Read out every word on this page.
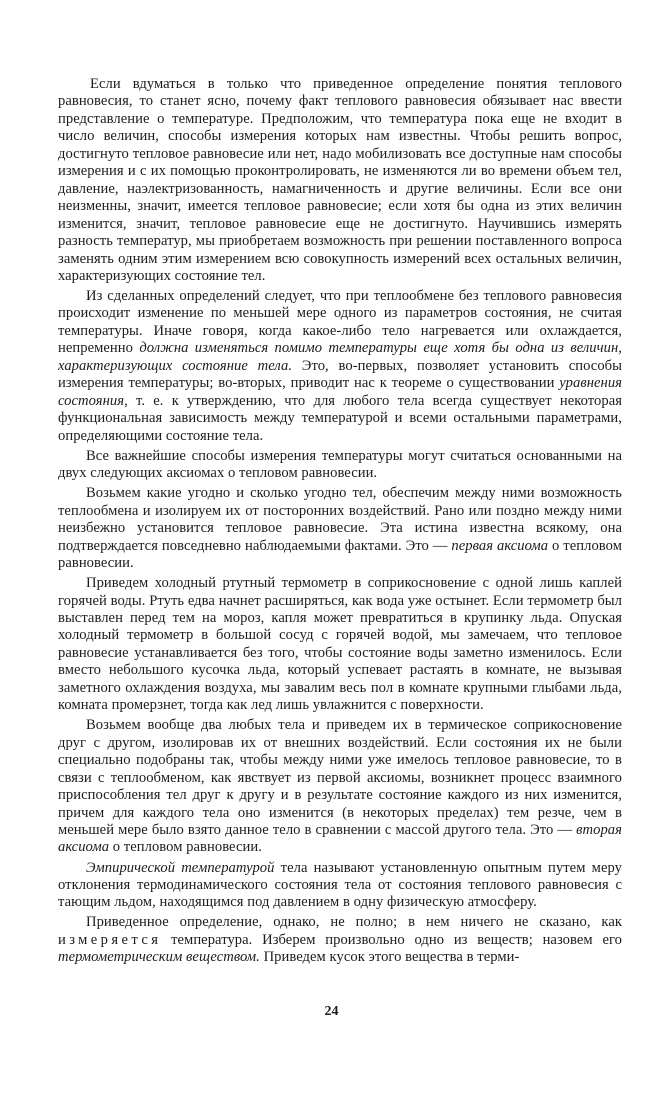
Если вдуматься в только что приведенное определение понятия теплового равновесия, то станет ясно, почему факт теплового равновесия обязывает нас ввести представление о температуре. Предположим, что температура пока еще не входит в число величин, способы измерения которых нам известны. Чтобы решить вопрос, достигнуто тепловое равновесие или нет, надо мобилизовать все доступные нам способы измерения и с их помощью проконтролировать, не изменяются ли во времени объем тел, давление, наэлектризованность, намагниченность и другие величины. Если все они неизменны, значит, имеется тепловое равновесие; если хотя бы одна из этих величин изменится, значит, тепловое равновесие еще не достигнуто. Научившись измерять разность температур, мы приобретаем возможность при решении поставленного вопроса заменять одним этим измерением всю совокупность измерений всех остальных величин, характеризующих состояние тел.

Из сделанных определений следует, что при теплообмене без теплового равновесия происходит изменение по меньшей мере одного из параметров состояния, не считая температуры. Иначе говоря, когда какое-либо тело нагревается или охлаждается, непременно должна изменяться помимо температуры еще хотя бы одна из величин, характеризующих состояние тела. Это, во-первых, позволяет установить способы измерения температуры; во-вторых, приводит нас к теореме о существовании уравнения состояния, т. е. к утверждению, что для любого тела всегда существует некоторая функциональная зависимость между температурой и всеми остальными параметрами, определяющими состояние тела.

Все важнейшие способы измерения температуры могут считаться основанными на двух следующих аксиомах о тепловом равновесии.

Возьмем какие угодно и сколько угодно тел, обеспечим между ними возможность теплообмена и изолируем их от посторонних воздействий. Рано или поздно между ними неизбежно установится тепловое равновесие. Эта истина известна всякому, она подтверждается повседневно наблюдаемыми фактами. Это — первая аксиома о тепловом равновесии.

Приведем холодный ртутный термометр в соприкосновение с одной лишь каплей горячей воды. Ртуть едва начнет расширяться, как вода уже остынет. Если термометр был выставлен перед тем на мороз, капля может превратиться в крупинку льда. Опуская холодный термометр в большой сосуд с горячей водой, мы замечаем, что тепловое равновесие устанавливается без того, чтобы состояние воды заметно изменилось. Если вместо небольшого кусочка льда, который успевает растаять в комнате, не вызывая заметного охлаждения воздуха, мы завалим весь пол в комнате крупными глыбами льда, комната промерзнет, тогда как лед лишь увлажнится с поверхности.

Возьмем вообще два любых тела и приведем их в термическое соприкосновение друг с другом, изолировав их от внешних воздействий. Если состояния их не были специально подобраны так, чтобы между ними уже имелось тепловое равновесие, то в связи с теплообменом, как явствует из первой аксиомы, возникнет процесс взаимного приспособления тел друг к другу и в результате состояние каждого из них изменится, причем для каждого тела оно изменится (в некоторых пределах) тем резче, чем в меньшей мере было взято данное тело в сравнении с массой другого тела. Это — вторая аксиома о тепловом равновесии.

Эмпирической температурой тела называют установленную опытным путем меру отклонения термодинамического состояния тела от состояния теплового равновесия с тающим льдом, находящимся под давлением в одну физическую атмосферу.

Приведенное определение, однако, не полно; в нем ничего не сказано, как измеряется температура. Изберем произвольно одно из веществ; назовем его термометрическим веществом. Приведем кусок этого вещества в терми-

24
